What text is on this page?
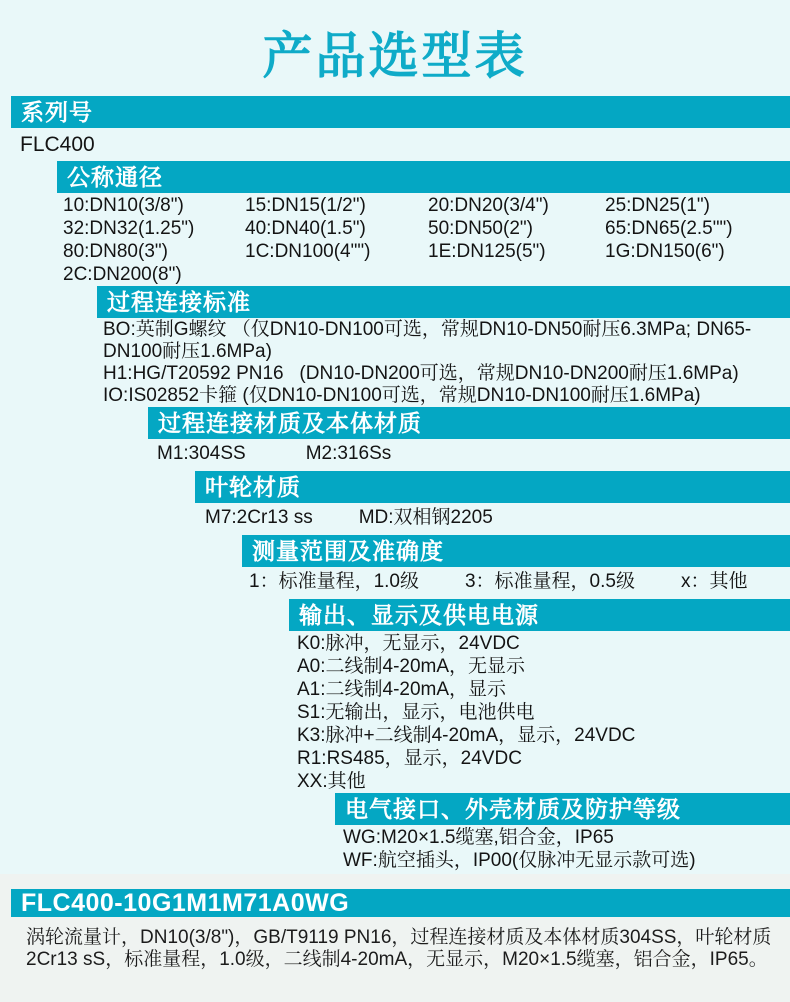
产品选型表
系列号
FLC400
公称通径
10:DN10(3/8")	15:DN15(1/2")	20:DN20(3/4")	25:DN25(1")
32:DN32(1.25")	40:DN40(1.5")	50:DN50(2")	65:DN65(2.5"")
80:DN80(3")	1C:DN100(4"")	1E:DN125(5")	1G:DN150(6")
2C:DN200(8")
过程连接标准
BO:英制G螺纹 （仅DN10-DN100可选，常规DN10-DN50耐压6.3MPa; DN65-DN100耐压1.6MPa)
H1:HG/T20592 PN16   (DN10-DN200可选，常规DN10-DN200耐压1.6MPa)
IO:IS02852卡箍 (仅DN10-DN100可选，常规DN10-DN100耐压1.6MPa)
过程连接材质及本体材质
M1:304SS	M2:316Ss
叶轮材质
M7:2Cr13 ss MD:双相钢2205
测量范围及准确度
1：标准量程，1.0级 3：标准量程，0.5级 x：其他
输出、显示及供电电源
K0:脉冲，无显示，24VDC
A0:二线制4-20mA，无显示
A1:二线制4-20mA，显示
S1:无输出，显示，电池供电
K3:脉冲+二线制4-20mA，显示，24VDC
R1:RS485，显示，24VDC
XX:其他
电气接口、外壳材质及防护等级
WG:M20×1.5缆塞,铝合金，IP65
WF:航空插头，IP00(仅脉冲无显示款可选)
FLC400-10G1M1M71A0WG
涡轮流量计，DN10(3/8")，GB/T9119 PN16，过程连接材质及本体材质304SS，叶轮材质2Cr13 sS，标准量程，1.0级，二线制4-20mA，无显示，M20×1.5缆塞，铝合金，IP65。
